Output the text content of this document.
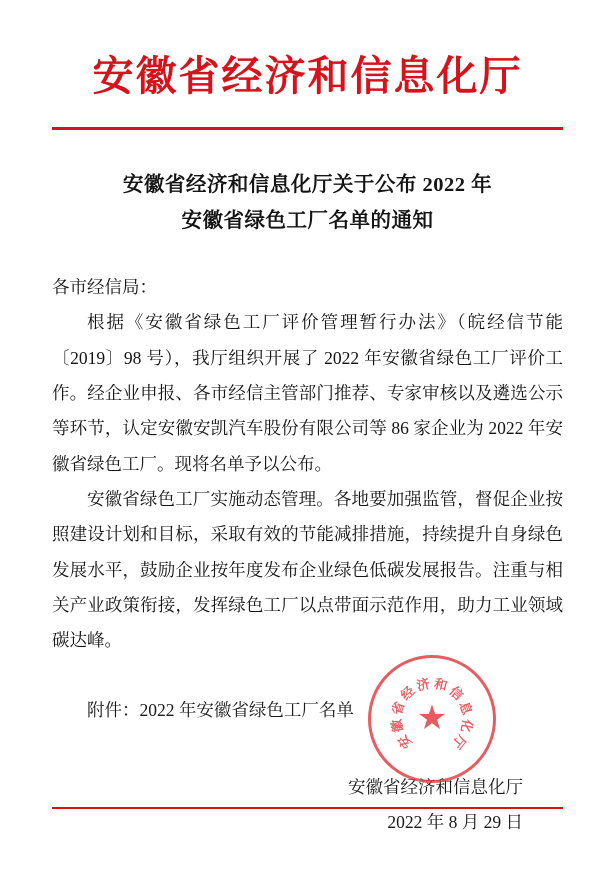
安徽省经济和信息化厅
安徽省经济和信息化厅关于公布 2022 年
安徽省绿色工厂名单的通知

各市经信局：

根据《安徽省绿色工厂评价管理暂行办法》（皖经信节能〔2019〕98 号），我厅组织开展了 2022 年安徽省绿色工厂评价工作。经企业申报、各市经信主管部门推荐、专家审核以及遴选公示等环节，认定安徽安凯汽车股份有限公司等 86 家企业为 2022 年安徽省绿色工厂。现将名单予以公布。

安徽省绿色工厂实施动态管理。各地要加强监管，督促企业按照建设计划和目标，采取有效的节能减排措施，持续提升自身绿色发展水平，鼓励企业按年度发布企业绿色低碳发展报告。注重与相关产业政策衔接，发挥绿色工厂以点带面示范作用，助力工业领域碳达峰。

附件：2022 年安徽省绿色工厂名单
安
徽
省
经
济 和
信
息
化
厅
★
安徽省经济和信息化厅
2022 年 8 月 29 日
